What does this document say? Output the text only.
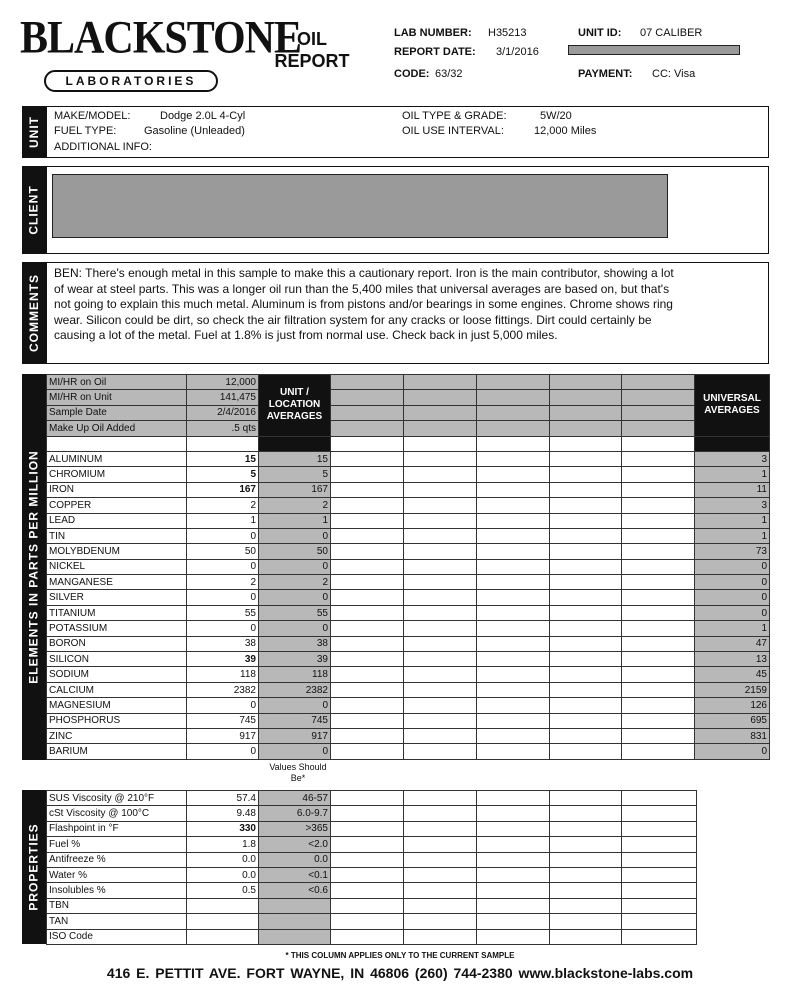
BLACKSTONE
LABORATORIES
OIL
REPORT
LAB NUMBER: H35213	UNIT ID: 07 CALIBER
REPORT DATE: 3/1/2016
CODE: 63/32	PAYMENT: CC: Visa
UNIT MAKE/MODEL:	Dodge 2.0L 4-Cyl
FUEL TYPE:	Gasoline (Unleaded)
ADDITIONAL INFO:
OIL TYPE & GRADE:	5W/20
OIL USE INTERVAL:	12,000 Miles
CLIENT
COMMENTS
BEN: There's enough metal in this sample to make this a cautionary report. Iron is the main contributor, showing a lot of wear at steel parts. This was a longer oil run than the 5,400 miles that universal averages are based on, but that's not going to explain this much metal. Aluminum is from pistons and/or bearings in some engines. Chrome shows ring wear. Silicon could be dirt, so check the air filtration system for any cracks or loose fittings. Dirt could certainly be causing a lot of the metal. Fuel at 1.8% is just from normal use. Check back in just 5,000 miles.
ELEMENTS IN PARTS PER MILLION
MI/HR on Oil	12,000	UNIT / LOCATION AVERAGES						UNIVERSAL AVERAGES
MI/HR on Unit	141,475							
Sample Date	2/4/2016							
Make Up Oil Added	.5 qts							

ALUMINUM	15	15						3
CHROMIUM	5	5						1
IRON	167	167						11
COPPER	2	2						3
LEAD	1	1						1
TIN	0	0						1
MOLYBDENUM	50	50						73
NICKEL	0	0						0
MANGANESE	2	2						0
SILVER	0	0						0
TITANIUM	55	55						0
POTASSIUM	0	0						1
BORON	38	38						47
SILICON	39	39						13
SODIUM	118	118						45
CALCIUM	2382	2382						2159
MAGNESIUM	0	0						126
PHOSPHORUS	745	745						695
ZINC	917	917						831
BARIUM	0	0						0
Values Should Be*
PROPERTIES
SUS Viscosity @ 210°F	57.4	46-57					
cSt Viscosity @ 100°C	9.48	6.0-9.7					
Flashpoint in °F	330	>365					
Fuel %	1.8	<2.0					
Antifreeze %	0.0	0.0					
Water %	0.0	<0.1					
Insolubles %	0.5	<0.6					
TBN							
TAN							
ISO Code							
* THIS COLUMN APPLIES ONLY TO THE CURRENT SAMPLE
416 E. PETTIT AVE. FORT WAYNE, IN 46806 (260) 744-2380 www.blackstone-labs.com
